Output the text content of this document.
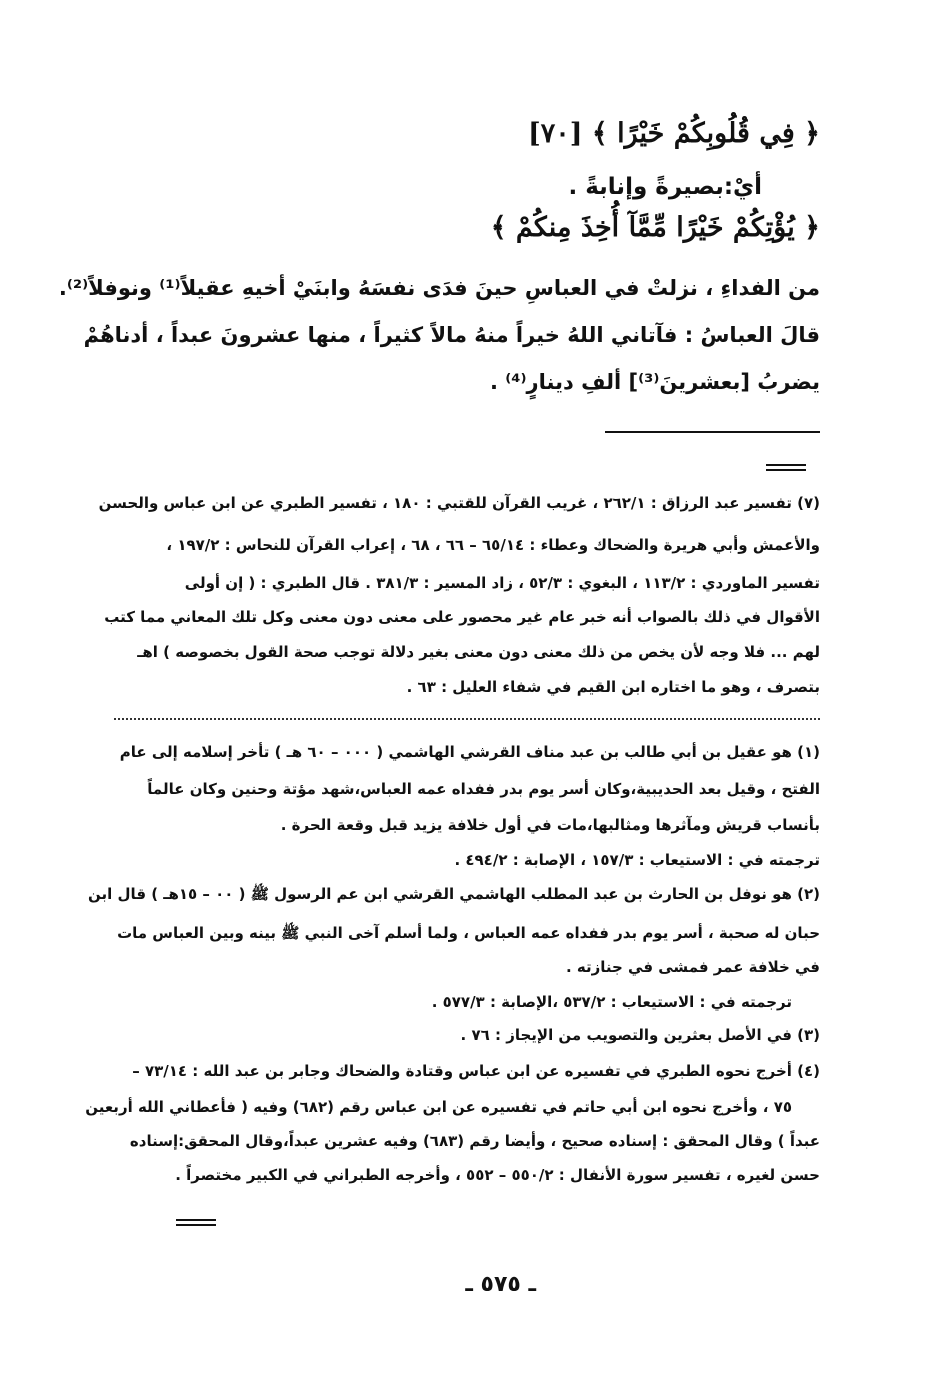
﴿ فِي قُلُوبِكُمْ خَيْرًا ﴾ [٧٠]
أيْ:بصيرةً وإنابةً .
﴿ يُؤْتِكُمْ خَيْرًا مِّمَّآ أُخِذَ مِنكُمْ ﴾
من الفداءِ ، نزلتْ في العباسِ حينَ فدَى نفسَهُ وابنَيْ أخيهِ عقيلاً⁽¹⁾ ونوفلاً⁽²⁾.
قالَ العباسُ : فآتاني اللهُ خيراً منهُ مالاً كثيراً ، منها عشرونَ عبداً ، أدناهُمْ
يضربُ [بعشرينَ⁽³⁾] ألفِ دينارٍ⁽⁴⁾ .
(٧) تفسير عبد الرزاق : ٢٦٢/١ ، غريب القرآن للقتبي : ١٨٠ ، تفسير الطبري عن ابن عباس والحسن
والأعمش وأبي هريرة والضحاك وعطاء : ٦٥/١٤ – ٦٦ ، ٦٨ ، إعراب القرآن للنحاس : ١٩٧/٢ ،
تفسير الماوردي : ١١٣/٢ ، البغوي : ٥٢/٣ ، زاد المسير : ٣٨١/٣ . قال الطبري : ( إن أولى
الأقوال في ذلك بالصواب أنه خبر عام غير محصور على معنى دون معنى وكل تلك المعاني مما كتب
لهم ... فلا وجه لأن يخص من ذلك معنى دون معنى بغير دلالة توجب صحة القول بخصوصه ) اهـ
بتصرف ، وهو ما اختاره ابن القيم في شفاء العليل : ٦٣ .
(١) هو عقيل بن أبي طالب بن عبد مناف القرشي الهاشمي ( ٠٠٠ – ٦٠ هـ ) تأخر إسلامه إلى عام
الفتح ، وقيل بعد الحديبية،وكان أسر يوم بدر ففداه عمه العباس،شهد مؤتة وحنين وكان عالماً
بأنساب قريش ومآثرها ومثالبها،مات في أول خلافة يزيد قبل وقعة الحرة .
ترجمته في : الاستيعاب : ١٥٧/٣ ، الإصابة : ٤٩٤/٢ .
(٢) هو نوفل بن الحارث بن عبد المطلب الهاشمي القرشي ابن عم الرسول ﷺ ( ٠٠ – ١٥هـ ) قال ابن
حبان له صحبة ، أسر يوم بدر ففداه عمه العباس ، ولما أسلم آخى النبي ﷺ بينه وبين العباس مات
في خلافة عمر فمشى في جنازته .
ترجمته في : الاستيعاب : ٥٣٧/٢ ،الإصابة : ٥٧٧/٣ .
(٣) في الأصل بعثرين والتصويب من الإيجاز : ٧٦ .
(٤) أخرج نحوه الطبري في تفسيره عن ابن عباس وقتادة والضحاك وجابر بن عبد الله : ٧٣/١٤ –
٧٥ ، وأخرج نحوه ابن أبي حاتم في تفسيره عن ابن عباس رقم (٦٨٢) وفيه ( فأعطاني الله أربعين
عبداً ) وقال المحقق : إسناده صحيح ، وأيضا رقم (٦٨٣) وفيه عشرين عبداً،وقال المحقق:إسناده
حسن لغيره ، تفسير سورة الأنفال : ٥٥٠/٢ – ٥٥٢ ، وأخرجه الطبراني في الكبير مختصراً .
ـ ٥٧٥ ـ
